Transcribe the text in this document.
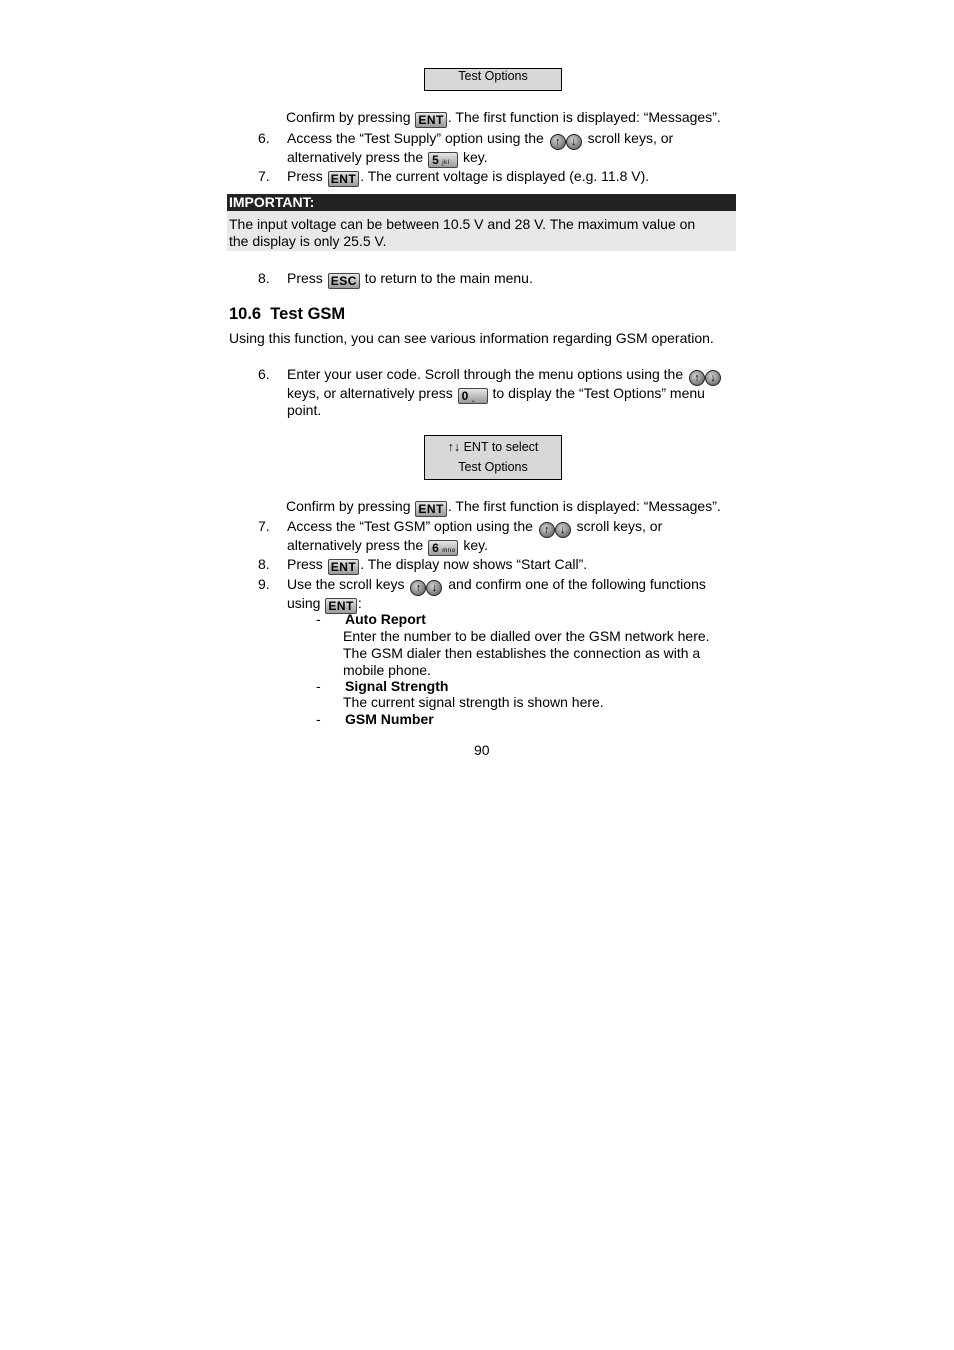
Test Options
Confirm by pressing ENT . The first function is displayed: “Messages”.
6. Access the “Test Supply” option using the ↑ ↓ scroll keys, or
alternatively press the 5 jkl key.
7. Press ENT . The current voltage is displayed (e.g. 11.8 V).
IMPORTANT:
The input voltage can be between 10.5 V and 28 V. The maximum value on
the display is only 25.5 V.
8. Press ESC to return to the main menu.
10.6 Test GSM
Using this function, you can see various information regarding GSM operation.
6. Enter your user code. Scroll through the menu options using the ↑ ↓
keys, or alternatively press 0 ⎵ to display the “Test Options” menu
point.
↑↓ ENT to select
Test Options
Confirm by pressing ENT . The first function is displayed: “Messages”.
7. Access the “Test GSM” option using the ↑ ↓ scroll keys, or
alternatively press the 6 mno key.
8. Press ENT . The display now shows “Start Call”.
9. Use the scroll keys ↑ ↓ and confirm one of the following functions
using ENT :
- Auto Report
Enter the number to be dialled over the GSM network here.
The GSM dialer then establishes the connection as with a
mobile phone.
- Signal Strength
The current signal strength is shown here.
- GSM Number
90
